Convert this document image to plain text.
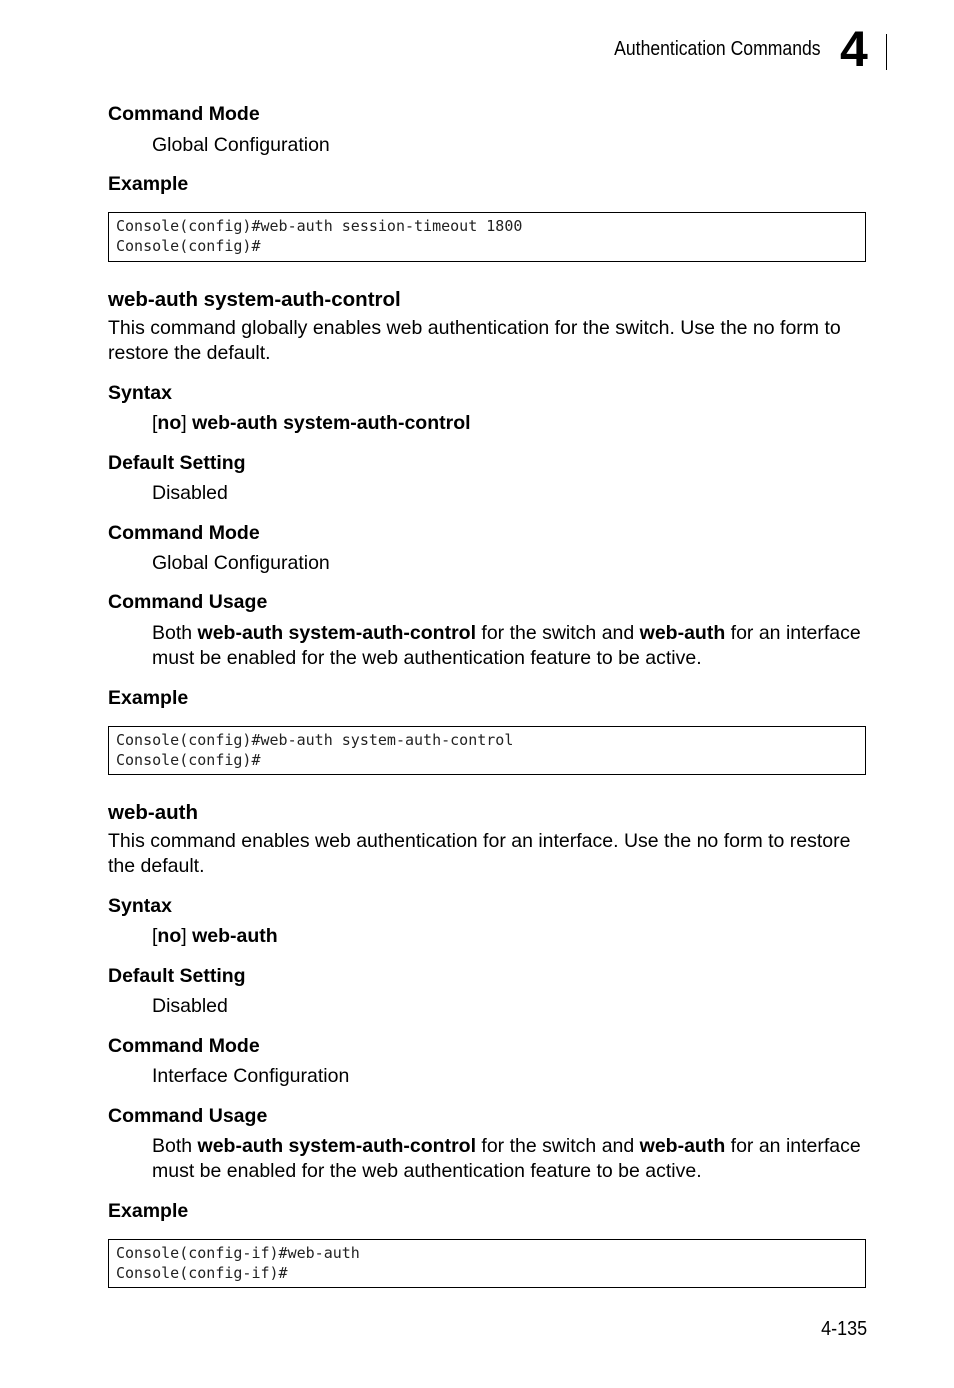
Authentication Commands 4
Command Mode
Global Configuration
Example
Console(config)#web-auth session-timeout 1800
Console(config)#
web-auth system-auth-control
This command globally enables web authentication for the switch. Use the no form to restore the default.
Syntax
[no] web-auth system-auth-control
Default Setting
Disabled
Command Mode
Global Configuration
Command Usage
Both web-auth system-auth-control for the switch and web-auth for an interface must be enabled for the web authentication feature to be active.
Example
Console(config)#web-auth system-auth-control
Console(config)#
web-auth
This command enables web authentication for an interface. Use the no form to restore the default.
Syntax
[no] web-auth
Default Setting
Disabled
Command Mode
Interface Configuration
Command Usage
Both web-auth system-auth-control for the switch and web-auth for an interface must be enabled for the web authentication feature to be active.
Example
Console(config-if)#web-auth
Console(config-if)#
4-135
